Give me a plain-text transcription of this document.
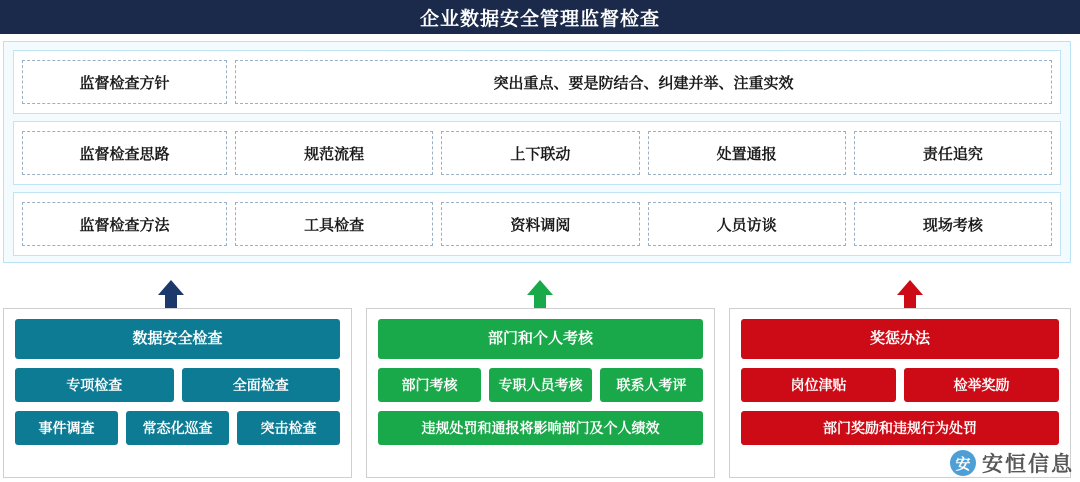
企业数据安全管理监督检查
监督检查方针	突出重点、要是防结合、纠建并举、注重实效
监督检查思路	规范流程	上下联动	处置通报	责任追究
监督检查方法	工具检查	资料调阅	人员访谈	现场考核
数据安全检查
专项检查	全面检查
事件调查	常态化巡查	突击检查
部门和个人考核
部门考核	专职人员考核	联系人考评
违规处罚和通报将影响部门及个人绩效
奖惩办法
岗位津贴	检举奖励
部门奖励和违规行为处罚
安 安恒信息
